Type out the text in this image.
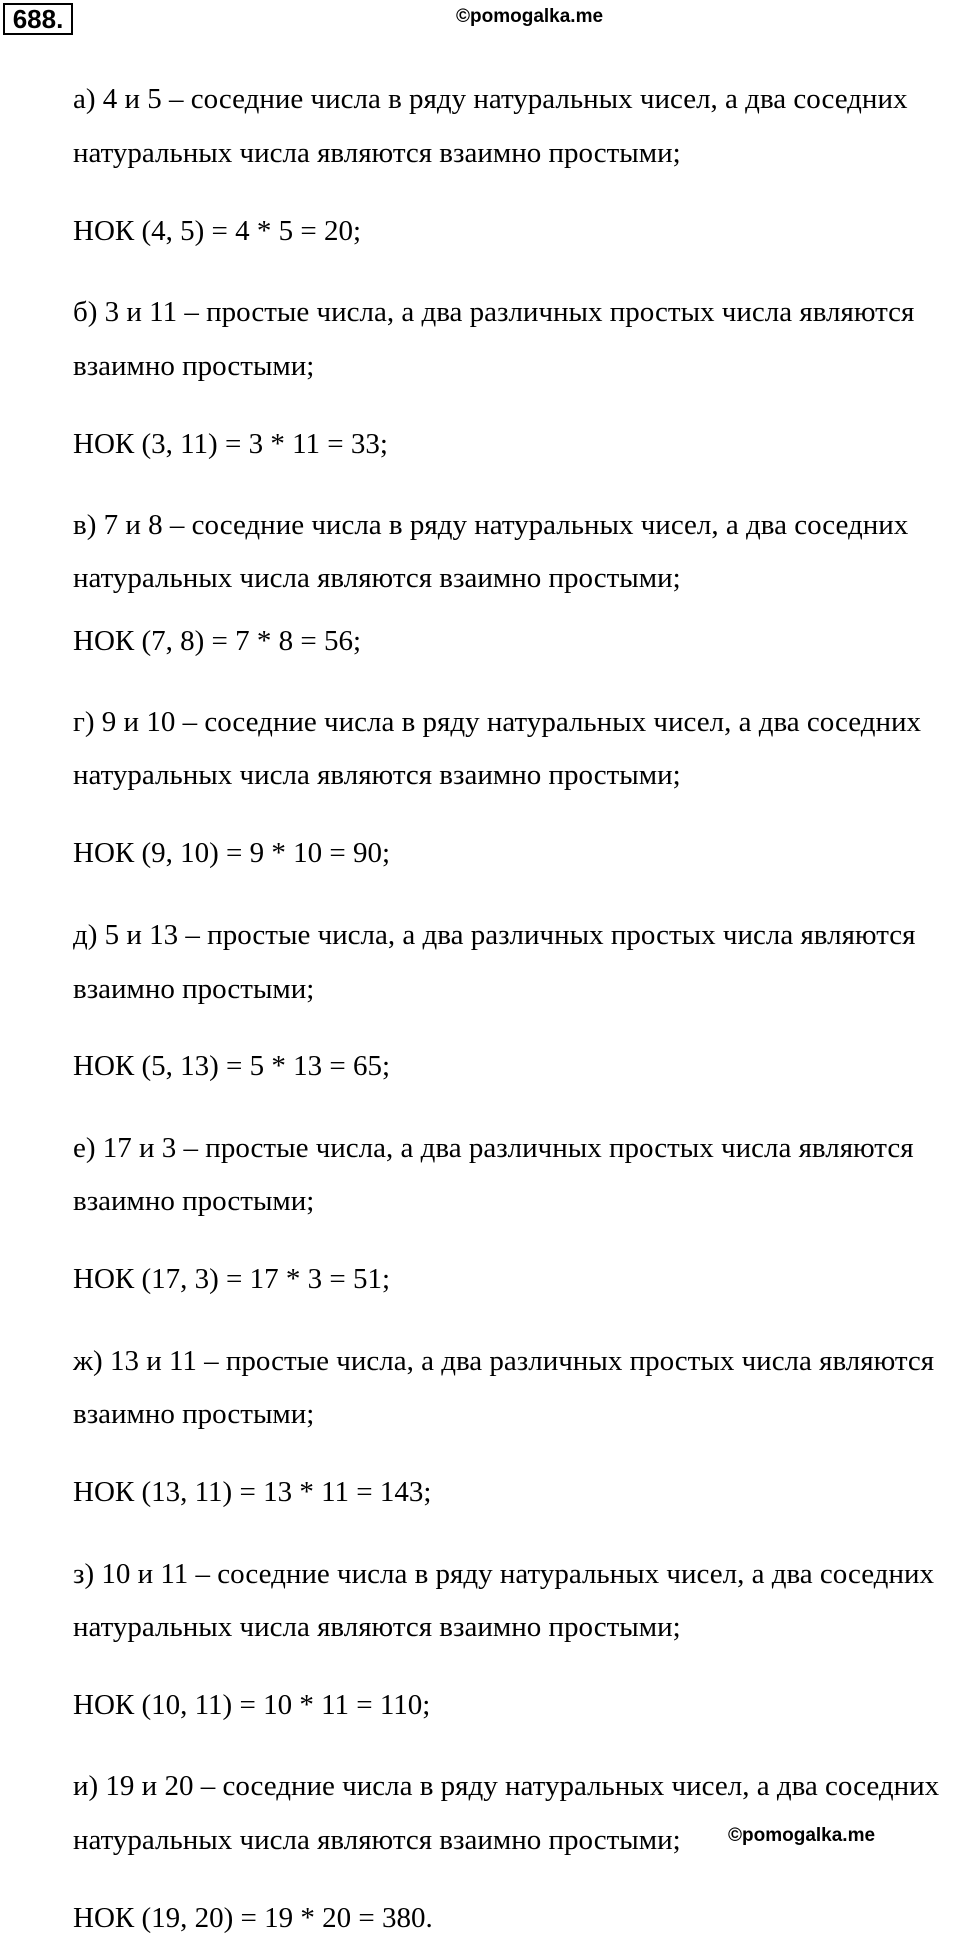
688.	©pomogalka.me
а) 4 и 5 – соседние числа в ряду натуральных чисел, а два соседних
натуральных числа являются взаимно простыми;
НОК (4, 5) = 4 * 5 = 20;
б) 3 и 11 – простые числа, а два различных простых числа являются
взаимно простыми;
НОК (3, 11) = 3 * 11 = 33;
в) 7 и 8 – соседние числа в ряду натуральных чисел, а два соседних
натуральных числа являются взаимно простыми;
НОК (7, 8) = 7 * 8 = 56;
г) 9 и 10 – соседние числа в ряду натуральных чисел, а два соседних
натуральных числа являются взаимно простыми;
НОК (9, 10) = 9 * 10 = 90;
д) 5 и 13 – простые числа, а два различных простых числа являются
взаимно простыми;
НОК (5, 13) = 5 * 13 = 65;
е) 17 и 3 – простые числа, а два различных простых числа являются
взаимно простыми;
НОК (17, 3) = 17 * 3 = 51;
ж) 13 и 11 – простые числа, а два различных простых числа являются
взаимно простыми;
НОК (13, 11) = 13 * 11 = 143;
з) 10 и 11 – соседние числа в ряду натуральных чисел, а два соседних
натуральных числа являются взаимно простыми;
НОК (10, 11) = 10 * 11 = 110;
и) 19 и 20 – соседние числа в ряду натуральных чисел, а два соседних
натуральных числа являются взаимно простыми;
НОК (19, 20) = 19 * 20 = 380.
©pomogalka.me
